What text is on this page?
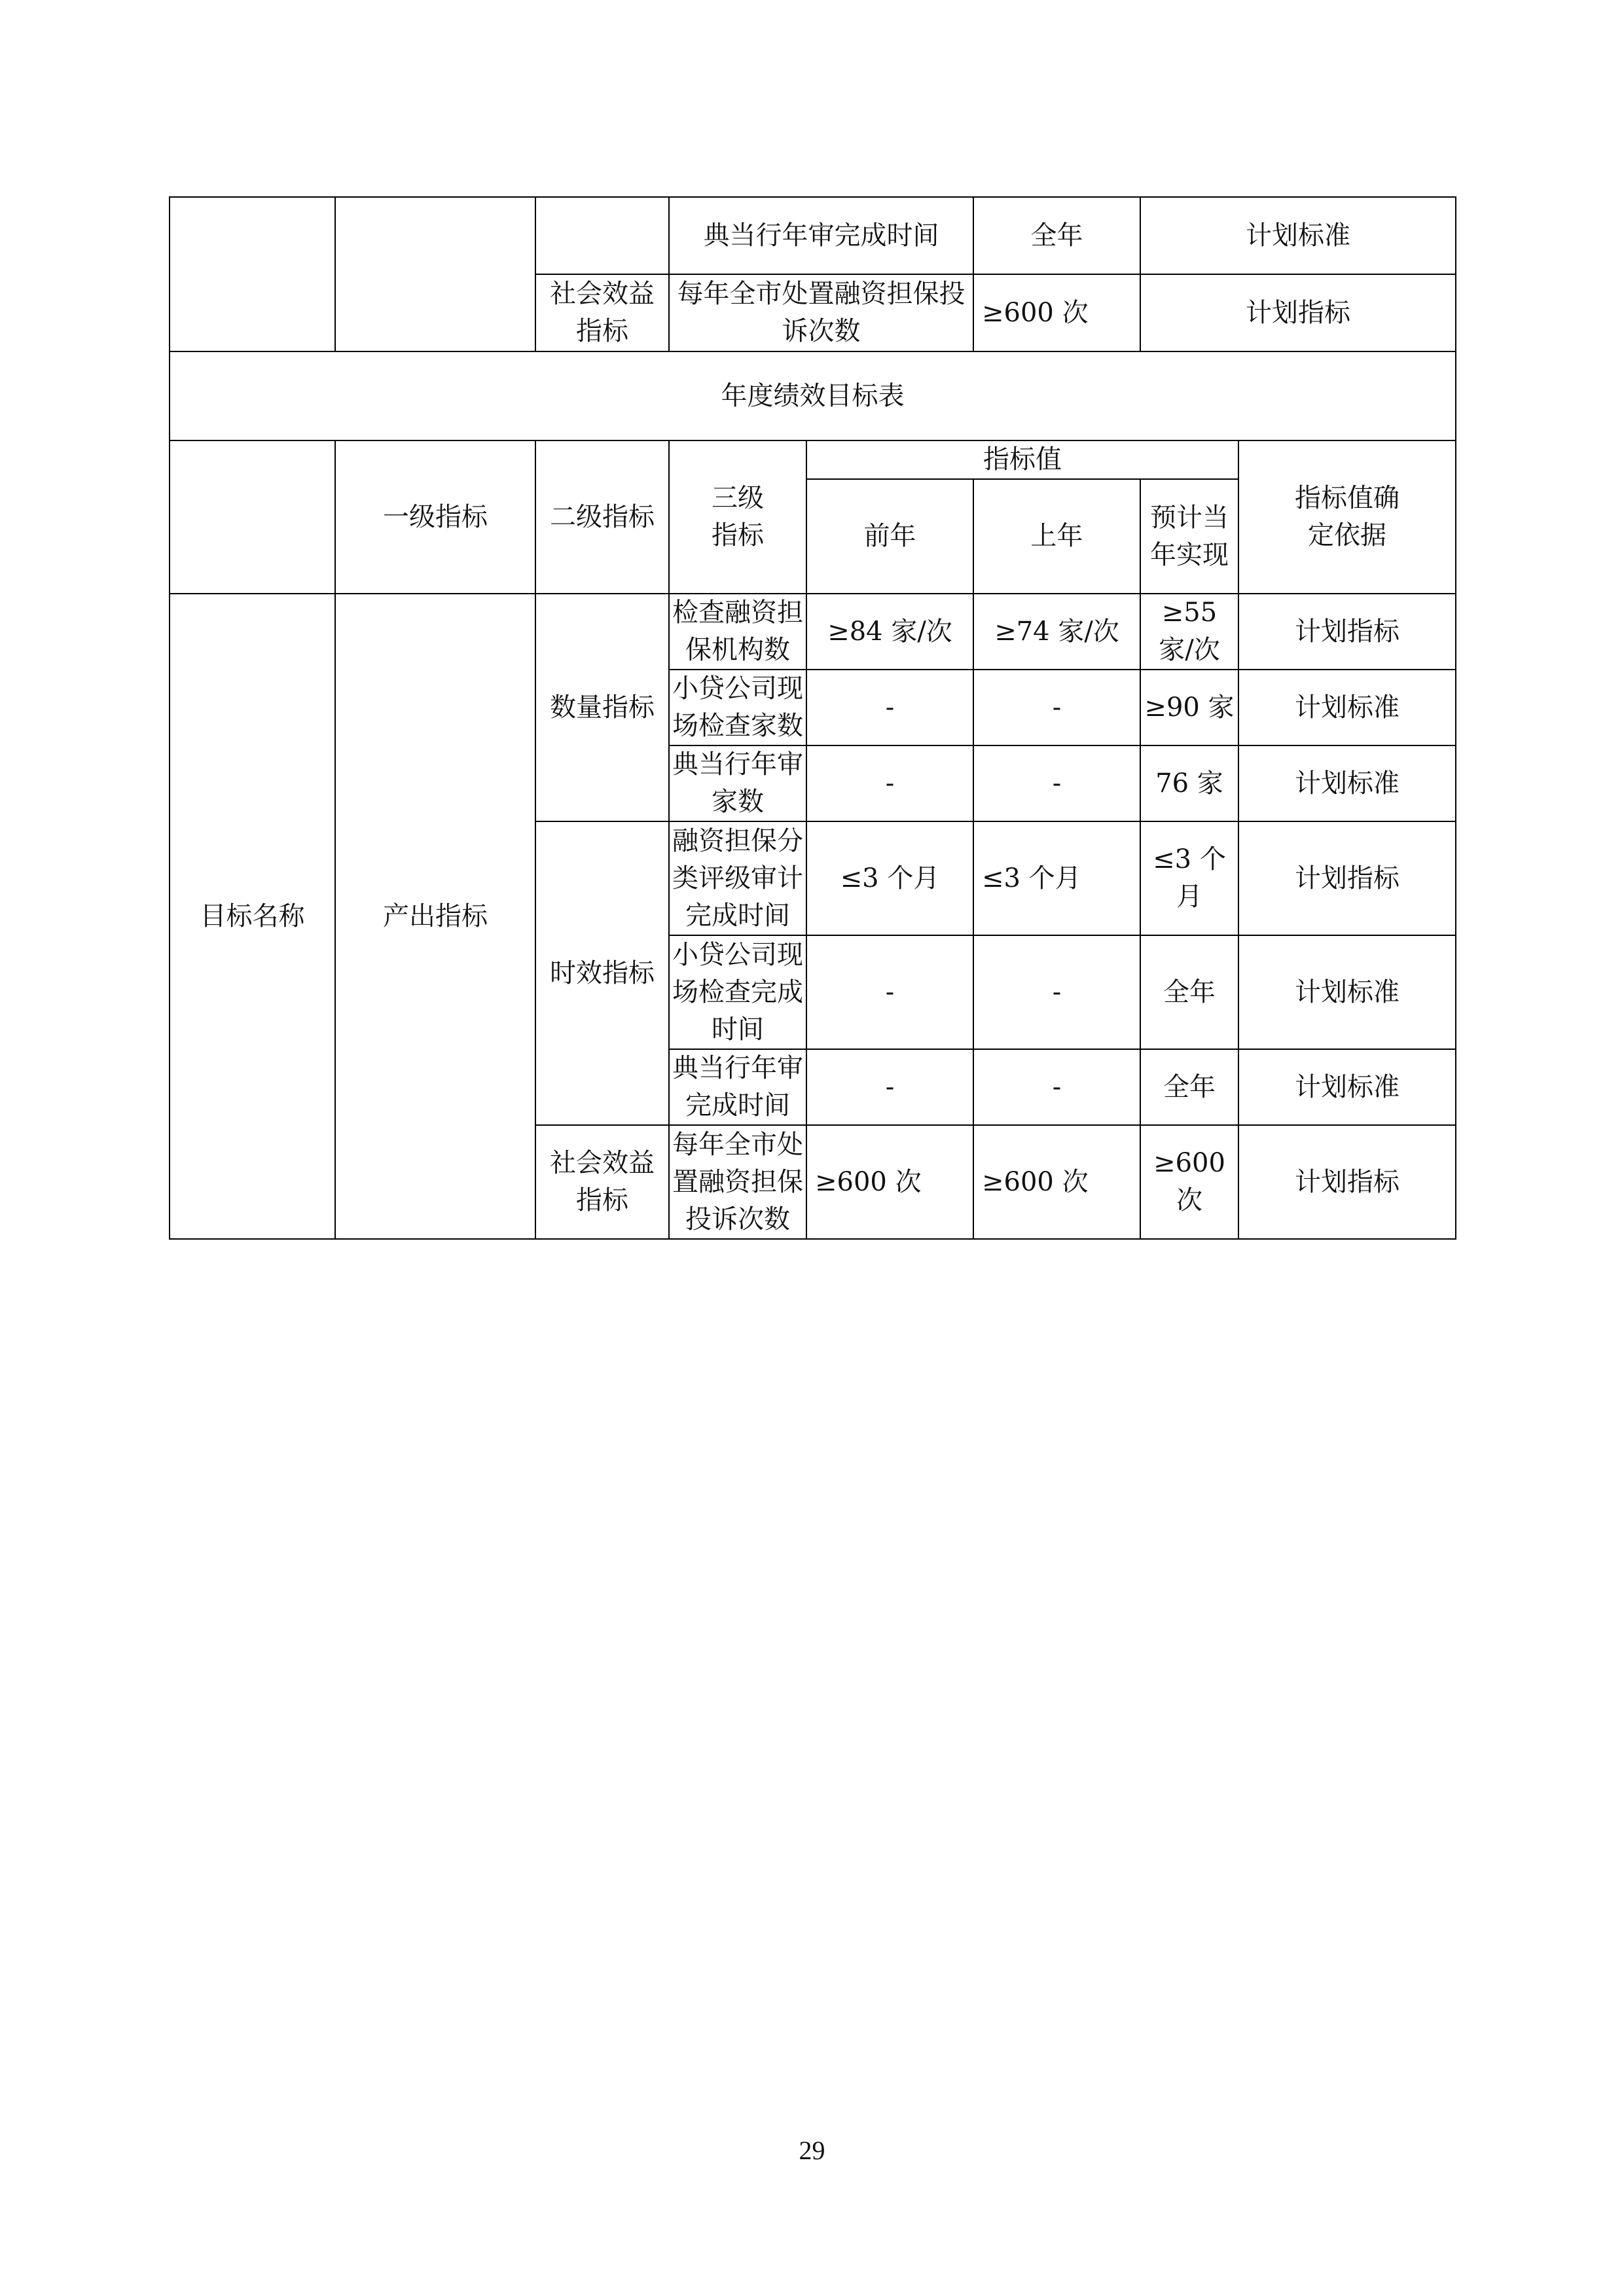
			典当行年审完成时间		全年	计划标准	
		社会效益指标	每年全市处置融资担保投诉次数		≥600 次	计划指标	
年度绩效目标表							
	一级指标	二级指标	三级指标	指标值			指标值确定依据

				前年	上年	预计当年实现	
目标名称	产出指标	数量指标	检查融资担保机构数	≥84 家/次	≥74 家/次	≥55 家/次	计划指标
			小贷公司现场检查家数	-	-	≥90 家	计划标准
			典当行年审家数	-	-	76 家	计划标准
		时效指标	融资担保分类评级审计完成时间	≤3 个月	≤3 个月	≤3 个月	计划指标
			小贷公司现场检查完成时间	-	-	全年	计划标准
			典当行年审完成时间	-	-	全年	计划标准
		社会效益指标	每年全市处置融资担保投诉次数	≥600 次	≥600 次	≥600 次	计划指标
29
